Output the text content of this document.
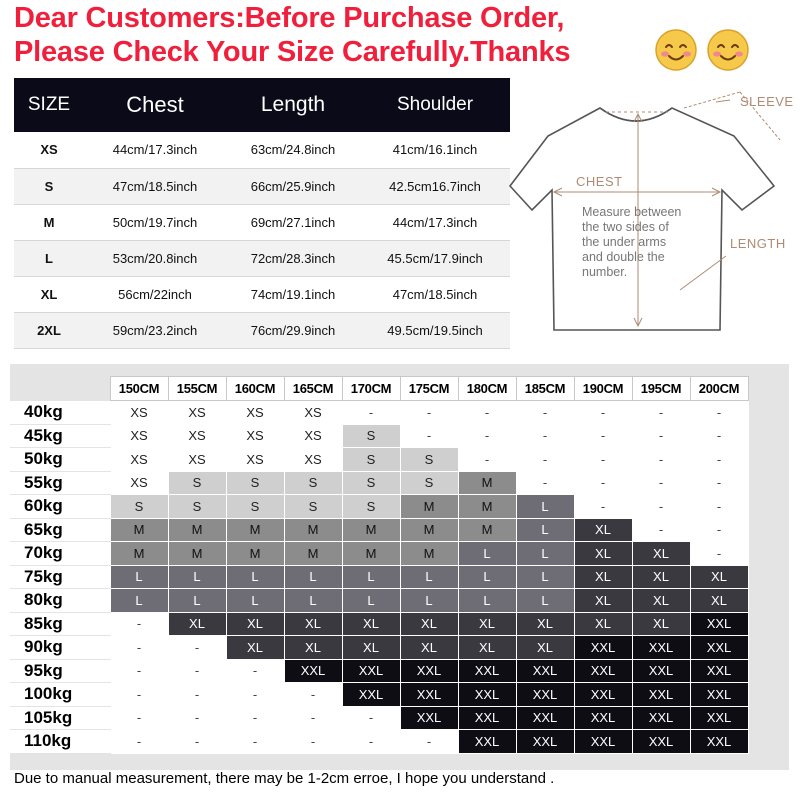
Dear Customers:Before Purchase Order,
Please Check Your Size Carefully.Thanks
SIZE	Chest	Length	Shoulder
XS	44cm/17.3inch	63cm/24.8inch	41cm/16.1inch
S	47cm/18.5inch	66cm/25.9inch	42.5cm16.7inch
M	50cm/19.7inch	69cm/27.1inch	44cm/17.3inch
L	53cm/20.8inch	72cm/28.3inch	45.5cm/17.9inch
XL	56cm/22inch	74cm/19.1inch	47cm/18.5inch
2XL	59cm/23.2inch	76cm/29.9inch	49.5cm/19.5inch
SLEEVE
LENGTH
CHEST
Measure between
the two sides of
the under arms
and double the
number.
	150CM	155CM	160CM	165CM	170CM	175CM	180CM	185CM	190CM	195CM	200CM
40kg	XS	XS	XS	XS	-	-	-	-	-	-	-
45kg	XS	XS	XS	XS	S	-	-	-	-	-	-
50kg	XS	XS	XS	XS	S	S	-	-	-	-	-
55kg	XS	S	S	S	S	S	M	-	-	-	-
60kg	S	S	S	S	S	M	M	L	-	-	-
65kg	M	M	M	M	M	M	M	L	XL	-	-
70kg	M	M	M	M	M	M	L	L	XL	XL	-
75kg	L	L	L	L	L	L	L	L	XL	XL	XL
80kg	L	L	L	L	L	L	L	L	XL	XL	XL
85kg	-	XL	XL	XL	XL	XL	XL	XL	XL	XL	XXL
90kg	-	-	XL	XL	XL	XL	XL	XL	XXL	XXL	XXL
95kg	-	-	-	XXL	XXL	XXL	XXL	XXL	XXL	XXL	XXL
100kg	-	-	-	-	XXL	XXL	XXL	XXL	XXL	XXL	XXL
105kg	-	-	-	-	-	XXL	XXL	XXL	XXL	XXL	XXL
110kg	-	-	-	-	-	-	XXL	XXL	XXL	XXL	XXL
Due to manual measurement, there may be 1-2cm erroe, I hope you understand .
